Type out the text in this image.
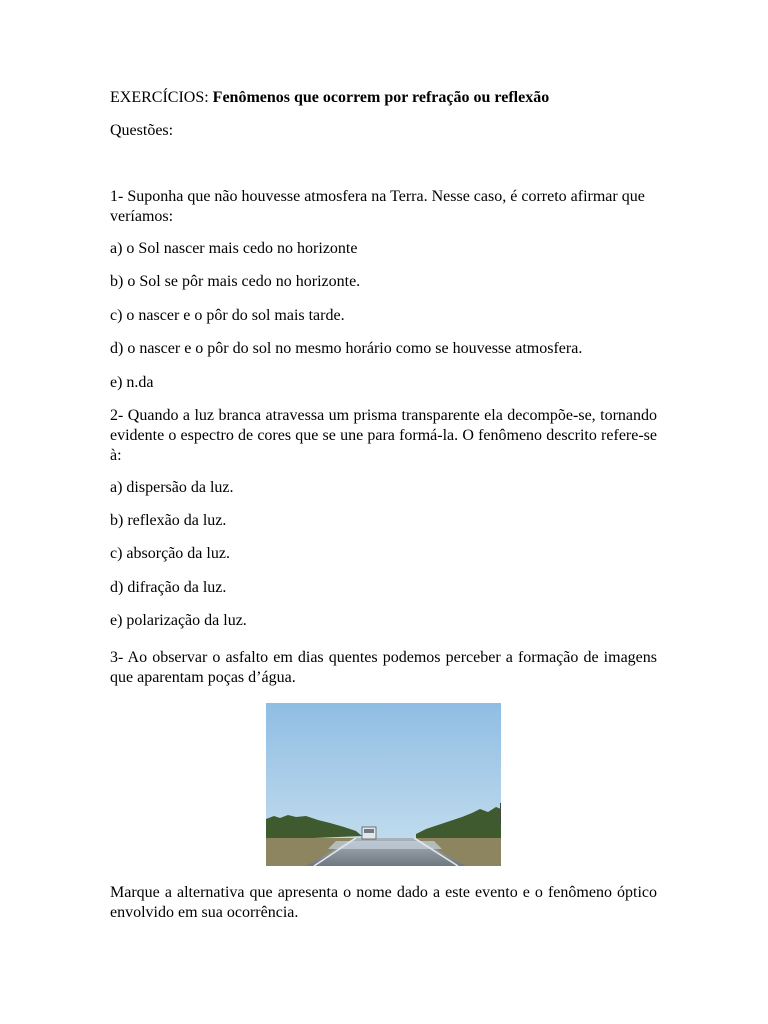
EXERCÍCIOS: Fenômenos que ocorrem por refração ou reflexão

Questões:

1- Suponha que não houvesse atmosfera na Terra. Nesse caso, é correto afirmar que veríamos:

a) o Sol nascer mais cedo no horizonte

b) o Sol se pôr mais cedo no horizonte.

c) o nascer e o pôr do sol mais tarde.

d) o nascer e o pôr do sol no mesmo horário como se houvesse atmosfera.

e) n.da

2- Quando a luz branca atravessa um prisma transparente ela decompõe-se, tornando evidente o espectro de cores que se une para formá-la. O fenômeno descrito refere-se à:

a) dispersão da luz.

b) reflexão da luz.

c) absorção da luz.

d) difração da luz.

e) polarização da luz.

3- Ao observar o asfalto em dias quentes podemos perceber a formação de imagens que aparentam poças d’água.

Marque a alternativa que apresenta o nome dado a este evento e o fenômeno óptico envolvido em sua ocorrência.
